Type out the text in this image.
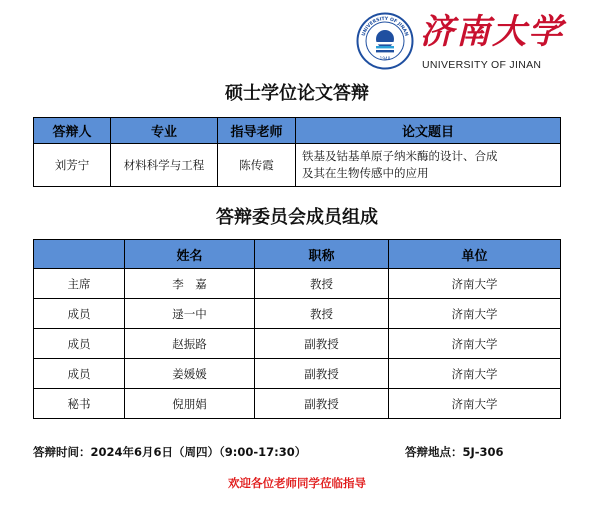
UNIVERSITY OF JINAN
1948
济南大学
UNIVERSITY OF JINAN
硕士学位论文答辩
答辩人	专业	指导老师	论文题目
刘芳宁	材料科学与工程	陈传霞	铁基及钴基单原子纳米酶的设计、合成
及其在生物传感中的应用
答辩委员会成员组成
	姓名	职称	单位
主席	李　嘉	教授	济南大学
成员	逯一中	教授	济南大学
成员	赵振路	副教授	济南大学
成员	姜媛媛	副教授	济南大学
秘书	倪朋娟	副教授	济南大学
答辩时间：2024年6月6日（周四）（9:00-17:30）	答辩地点：5J-306
欢迎各位老师同学莅临指导
